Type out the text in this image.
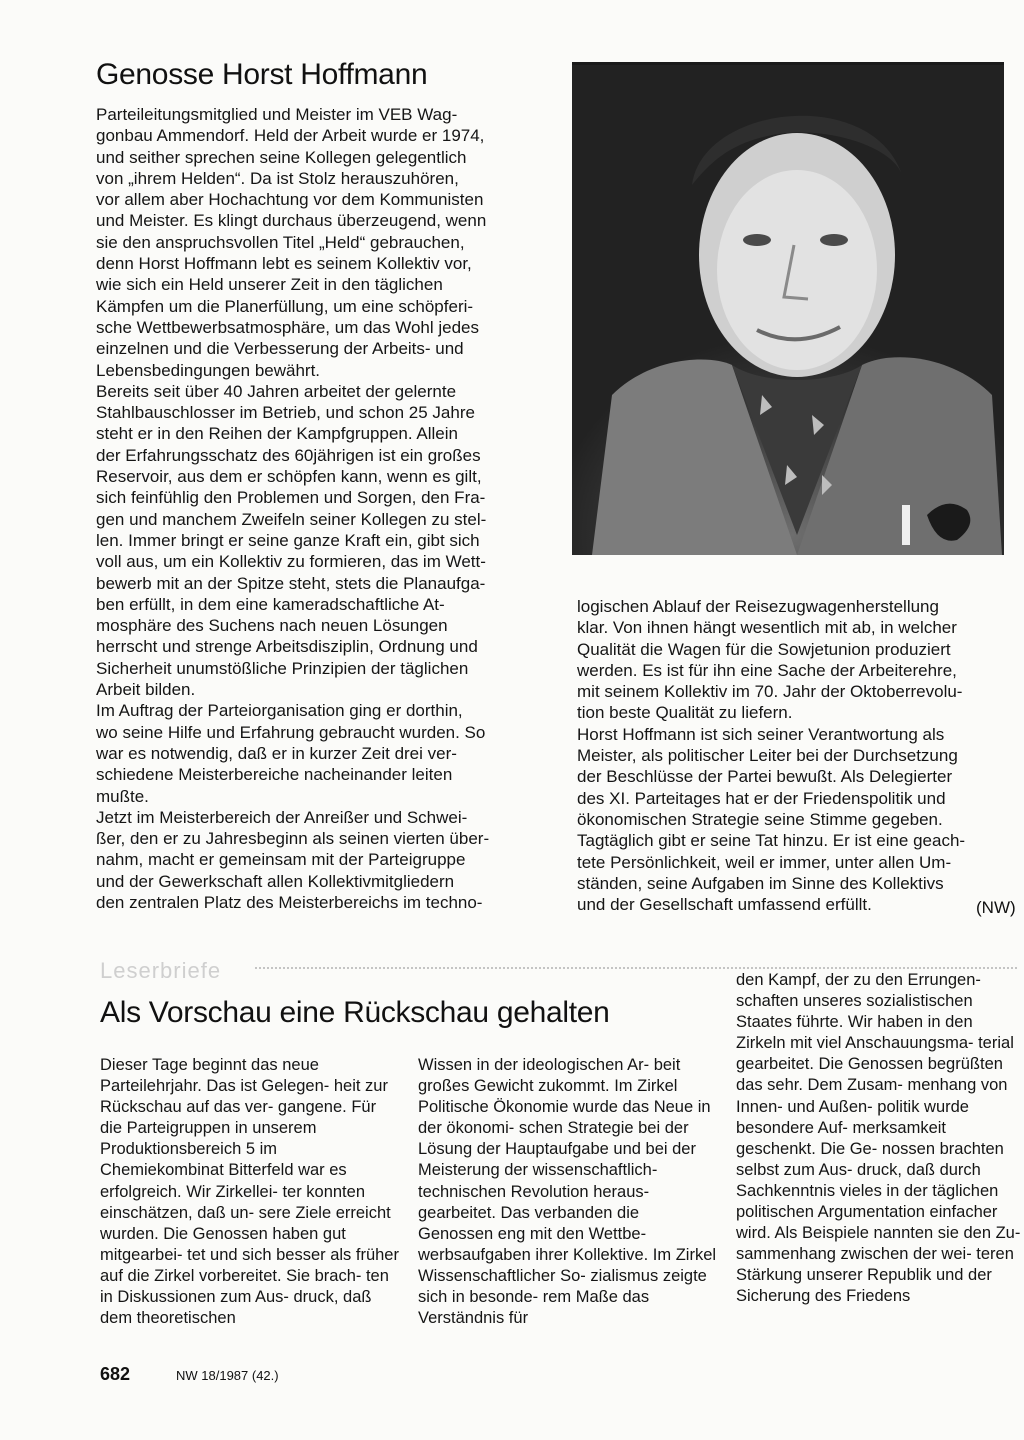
Genosse Horst Hoffmann
Parteileitungsmitglied und Meister im VEB Wag-
gonbau Ammendorf. Held der Arbeit wurde er 1974,
und seither sprechen seine Kollegen gelegentlich
von „ihrem Helden“. Da ist Stolz herauszuhören,
vor allem aber Hochachtung vor dem Kommunisten
und Meister. Es klingt durchaus überzeugend, wenn
sie den anspruchsvollen Titel „Held“ gebrauchen,
denn Horst Hoffmann lebt es seinem Kollektiv vor,
wie sich ein Held unserer Zeit in den täglichen
Kämpfen um die Planerfüllung, um eine schöpferi-
sche Wettbewerbsatmosphäre, um das Wohl jedes
einzelnen und die Verbesserung der Arbeits- und
Lebensbedingungen bewährt.
Bereits seit über 40 Jahren arbeitet der gelernte
Stahlbauschlosser im Betrieb, und schon 25 Jahre
steht er in den Reihen der Kampfgruppen. Allein
der Erfahrungsschatz des 60jährigen ist ein großes
Reservoir, aus dem er schöpfen kann, wenn es gilt,
sich feinfühlig den Problemen und Sorgen, den Fra-
gen und manchem Zweifeln seiner Kollegen zu stel-
len. Immer bringt er seine ganze Kraft ein, gibt sich
voll aus, um ein Kollektiv zu formieren, das im Wett-
bewerb mit an der Spitze steht, stets die Planaufga-
ben erfüllt, in dem eine kameradschaftliche At-
mosphäre des Suchens nach neuen Lösungen
herrscht und strenge Arbeitsdisziplin, Ordnung und
Sicherheit unumstößliche Prinzipien der täglichen
Arbeit bilden.
Im Auftrag der Parteiorganisation ging er dorthin,
wo seine Hilfe und Erfahrung gebraucht wurden. So
war es notwendig, daß er in kurzer Zeit drei ver-
schiedene Meisterbereiche nacheinander leiten
mußte.
Jetzt im Meisterbereich der Anreißer und Schwei-
ßer, den er zu Jahresbeginn als seinen vierten über-
nahm, macht er gemeinsam mit der Parteigruppe
und der Gewerkschaft allen Kollektivmitgliedern
den zentralen Platz des Meisterbereichs im techno-
logischen Ablauf der Reisezugwagenherstellung
klar. Von ihnen hängt wesentlich mit ab, in welcher
Qualität die Wagen für die Sowjetunion produziert
werden. Es ist für ihn eine Sache der Arbeiterehre,
mit seinem Kollektiv im 70. Jahr der Oktoberrevolu-
tion beste Qualität zu liefern.
Horst Hoffmann ist sich seiner Verantwortung als
Meister, als politischer Leiter bei der Durchsetzung
der Beschlüsse der Partei bewußt. Als Delegierter
des XI. Parteitages hat er der Friedenspolitik und
ökonomischen Strategie seine Stimme gegeben.
Tagtäglich gibt er seine Tat hinzu. Er ist eine geach-
tete Persönlichkeit, weil er immer, unter allen Um-
ständen, seine Aufgaben im Sinne des Kollektivs
und der Gesellschaft umfassend erfüllt.	(NW)
Leserbriefe
Als Vorschau eine Rückschau gehalten
Dieser Tage beginnt das neue Parteilehrjahr. Das ist Gelegen- heit zur Rückschau auf das ver- gangene. Für die Parteigruppen in unserem Produktionsbereich 5 im Chemiekombinat Bitterfeld war es erfolgreich. Wir Zirkellei- ter konnten einschätzen, daß un- sere Ziele erreicht wurden. Die Genossen haben gut mitgearbei- tet und sich besser als früher auf die Zirkel vorbereitet. Sie brach- ten in Diskussionen zum Aus- druck, daß dem theoretischen
Wissen in der ideologischen Ar- beit großes Gewicht zukommt. Im Zirkel Politische Ökonomie wurde das Neue in der ökonomi- schen Strategie bei der Lösung der Hauptaufgabe und bei der Meisterung der wissenschaftlich- technischen Revolution heraus- gearbeitet. Das verbanden die Genossen eng mit den Wettbe- werbsaufgaben ihrer Kollektive. Im Zirkel Wissenschaftlicher So- zialismus zeigte sich in besonde- rem Maße das Verständnis für
den Kampf, der zu den Errungen- schaften unseres sozialistischen Staates führte. Wir haben in den Zirkeln mit viel Anschauungsma- terial gearbeitet. Die Genossen begrüßten das sehr. Dem Zusam- menhang von Innen- und Außen- politik wurde besondere Auf- merksamkeit geschenkt. Die Ge- nossen brachten selbst zum Aus- druck, daß durch Sachkenntnis vieles in der täglichen politischen Argumentation einfacher wird. Als Beispiele nannten sie den Zu- sammenhang zwischen der wei- teren Stärkung unserer Republik und der Sicherung des Friedens
682	NW 18/1987 (42.)
